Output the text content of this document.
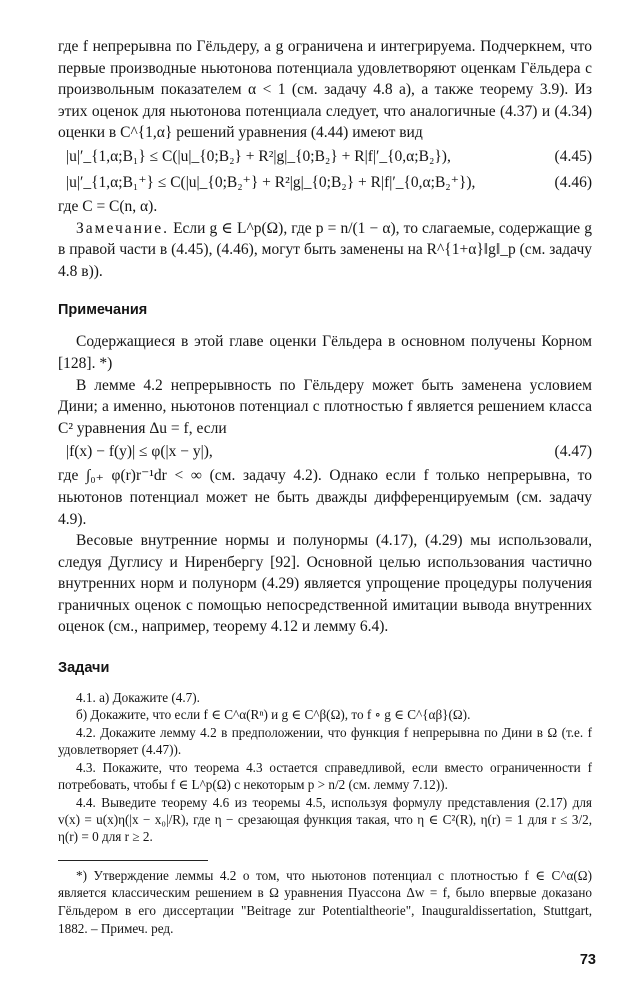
где f непрерывна по Гёльдеру, а g ограничена и интегрируема. Подчеркнем, что первые производные ньютонова потенциала удовлетворяют оценкам Гёльдера с произвольным показателем α < 1 (см. задачу 4.8 а), а также теорему 3.9). Из этих оценок для ньютонова потенциала следует, что аналогичные (4.37) и (4.34) оценки в C^{1,α} решений уравнения (4.44) имеют вид

|u|′_{1,α;B₁} ≤ C(|u|_{0;B₂} + R²|g|_{0;B₂} + R|f|′_{0,α;B₂}),	(4.45)
|u|′_{1,α;B₁⁺} ≤ C(|u|_{0;B₂⁺} + R²|g|_{0;B₂} + R|f|′_{0,α;B₂⁺}),	(4.46)

где C = C(n, α).

Замечание. Если g ∈ L^p(Ω), где p = n/(1 − α), то слагаемые, содержащие g в правой части в (4.45), (4.46), могут быть заменены на R^{1+α}‖g‖_p (см. задачу 4.8 в)).

Примечания

Содержащиеся в этой главе оценки Гёльдера в основном получены Корном [128]. *)

В лемме 4.2 непрерывность по Гёльдеру может быть заменена условием Дини; а именно, ньютонов потенциал с плотностью f является решением класса C² уравнения Δu = f, если

|f(x) − f(y)| ≤ φ(|x − y|),	(4.47)

где ∫₀₊ φ(r)r⁻¹dr < ∞ (см. задачу 4.2). Однако если f только непрерывна, то ньютонов потенциал может не быть дважды дифференцируемым (см. задачу 4.9).

Весовые внутренние нормы и полунормы (4.17), (4.29) мы использовали, следуя Дуглису и Ниренбергу [92]. Основной целью использования частично внутренних норм и полунорм (4.29) является упрощение процедуры получения граничных оценок с помощью непосредственной имитации вывода внутренних оценок (см., например, теорему 4.12 и лемму 6.4).

Задачи

4.1. а) Докажите (4.7).

б) Докажите, что если f ∈ C^α(Rⁿ) и g ∈ C^β(Ω), то f ∘ g ∈ C^{αβ}(Ω).

4.2. Докажите лемму 4.2 в предположении, что функция f непрерывна по Дини в Ω (т.е. f удовлетворяет (4.47)).

4.3. Покажите, что теорема 4.3 остается справедливой, если вместо ограниченности f потребовать, чтобы f ∈ L^p(Ω) с некоторым p > n/2 (см. лемму 7.12)).

4.4. Выведите теорему 4.6 из теоремы 4.5, используя формулу представления (2.17) для v(x) = u(x)η(|x − x₀|/R), где η − срезающая функция такая, что η ∈ C²(R), η(r) = 1 для r ≤ 3/2, η(r) = 0 для r ≥ 2.

*) Утверждение леммы 4.2 о том, что ньютонов потенциал с плотностью f ∈ C^α(Ω) является классическим решением в Ω уравнения Пуассона Δw = f, было впервые доказано Гёльдером в его диссертации "Beitrage zur Potentialtheorie", Inauguraldissertation, Stuttgart, 1882. – Примеч. ред.

73
